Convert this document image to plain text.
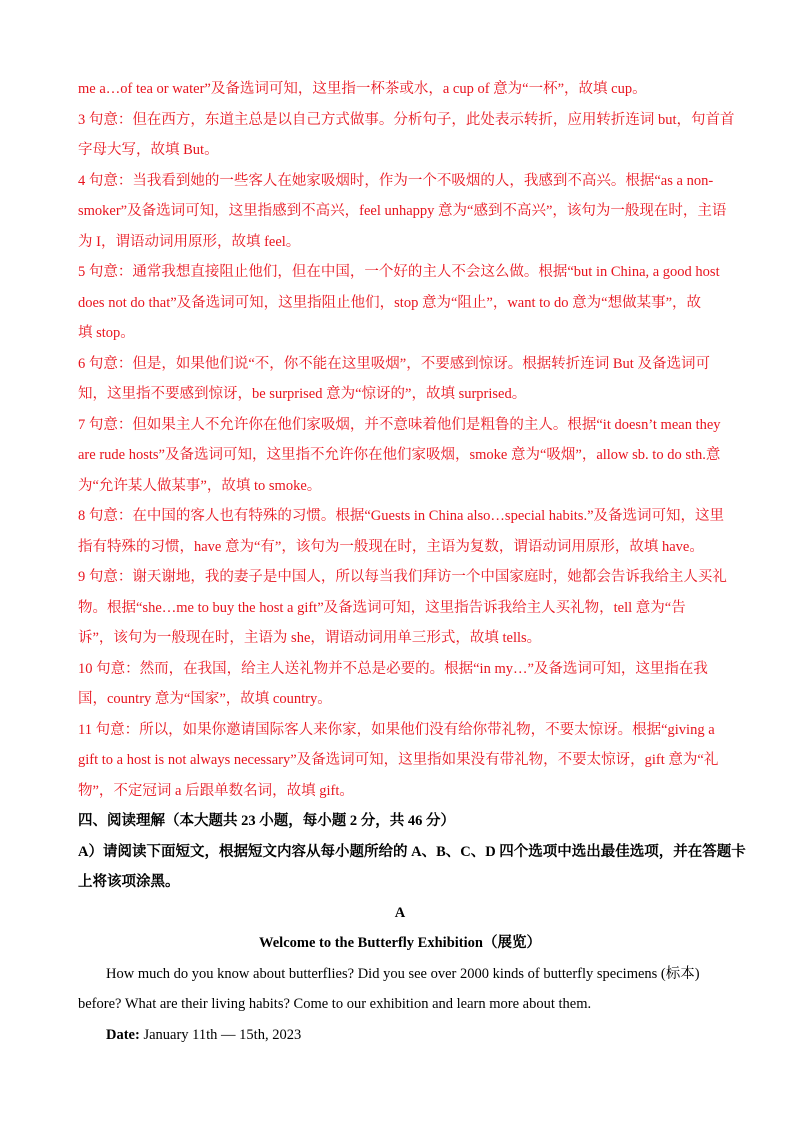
me a…of tea or water”及备选词可知，这里指一杯茶或水，a cup of 意为“一杯”，故填 cup。
3 句意：但在西方，东道主总是以自己方式做事。分析句子，此处表示转折，应用转折连词 but，句首首
字母大写，故填 But。
4 句意：当我看到她的一些客人在她家吸烟时，作为一个不吸烟的人，我感到不高兴。根据“as a non-
smoker”及备选词可知，这里指感到不高兴，feel unhappy 意为“感到不高兴”，该句为一般现在时，主语
为 I，谓语动词用原形，故填 feel。
5 句意：通常我想直接阻止他们，但在中国，一个好的主人不会这么做。根据“but in China, a good host
does not do that”及备选词可知，这里指阻止他们，stop 意为“阻止”，want to do 意为“想做某事”，故
填 stop。
6 句意：但是，如果他们说“不，你不能在这里吸烟”，不要感到惊讶。根据转折连词 But 及备选词可
知，这里指不要感到惊讶，be surprised 意为“惊讶的”，故填 surprised。
7 句意：但如果主人不允许你在他们家吸烟，并不意味着他们是粗鲁的主人。根据“it doesn’t mean they
are rude hosts”及备选词可知，这里指不允许你在他们家吸烟，smoke 意为“吸烟”，allow sb. to do sth.意
为“允许某人做某事”，故填 to smoke。
8 句意：在中国的客人也有特殊的习惯。根据“Guests in China also…special habits.”及备选词可知，这里
指有特殊的习惯，have 意为“有”，该句为一般现在时，主语为复数，谓语动词用原形，故填 have。
9 句意：谢天谢地，我的妻子是中国人，所以每当我们拜访一个中国家庭时，她都会告诉我给主人买礼
物。根据“she…me to buy the host a gift”及备选词可知，这里指告诉我给主人买礼物，tell 意为“告
诉”，该句为一般现在时，主语为 she，谓语动词用单三形式，故填 tells。
10 句意：然而，在我国，给主人送礼物并不总是必要的。根据“in my…”及备选词可知，这里指在我
国，country 意为“国家”，故填 country。
11 句意：所以，如果你邀请国际客人来你家，如果他们没有给你带礼物，不要太惊讶。根据“giving a
gift to a host is not always necessary”及备选词可知，这里指如果没有带礼物，不要太惊讶，gift 意为“礼
物”，不定冠词 a 后跟单数名词，故填 gift。
四、阅读理解（本大题共 23 小题，每小题 2 分，共 46 分）
A）请阅读下面短文，根据短文内容从每小题所给的 A、B、C、D 四个选项中选出最佳选项，并在答题卡
上将该项涂黑。
A
Welcome to the Butterfly Exhibition（展览）
How much do you know about butterflies? Did you see over 2000 kinds of butterfly specimens (标本)
before? What are their living habits? Come to our exhibition and learn more about them.
Date: January 11th — 15th, 2023
